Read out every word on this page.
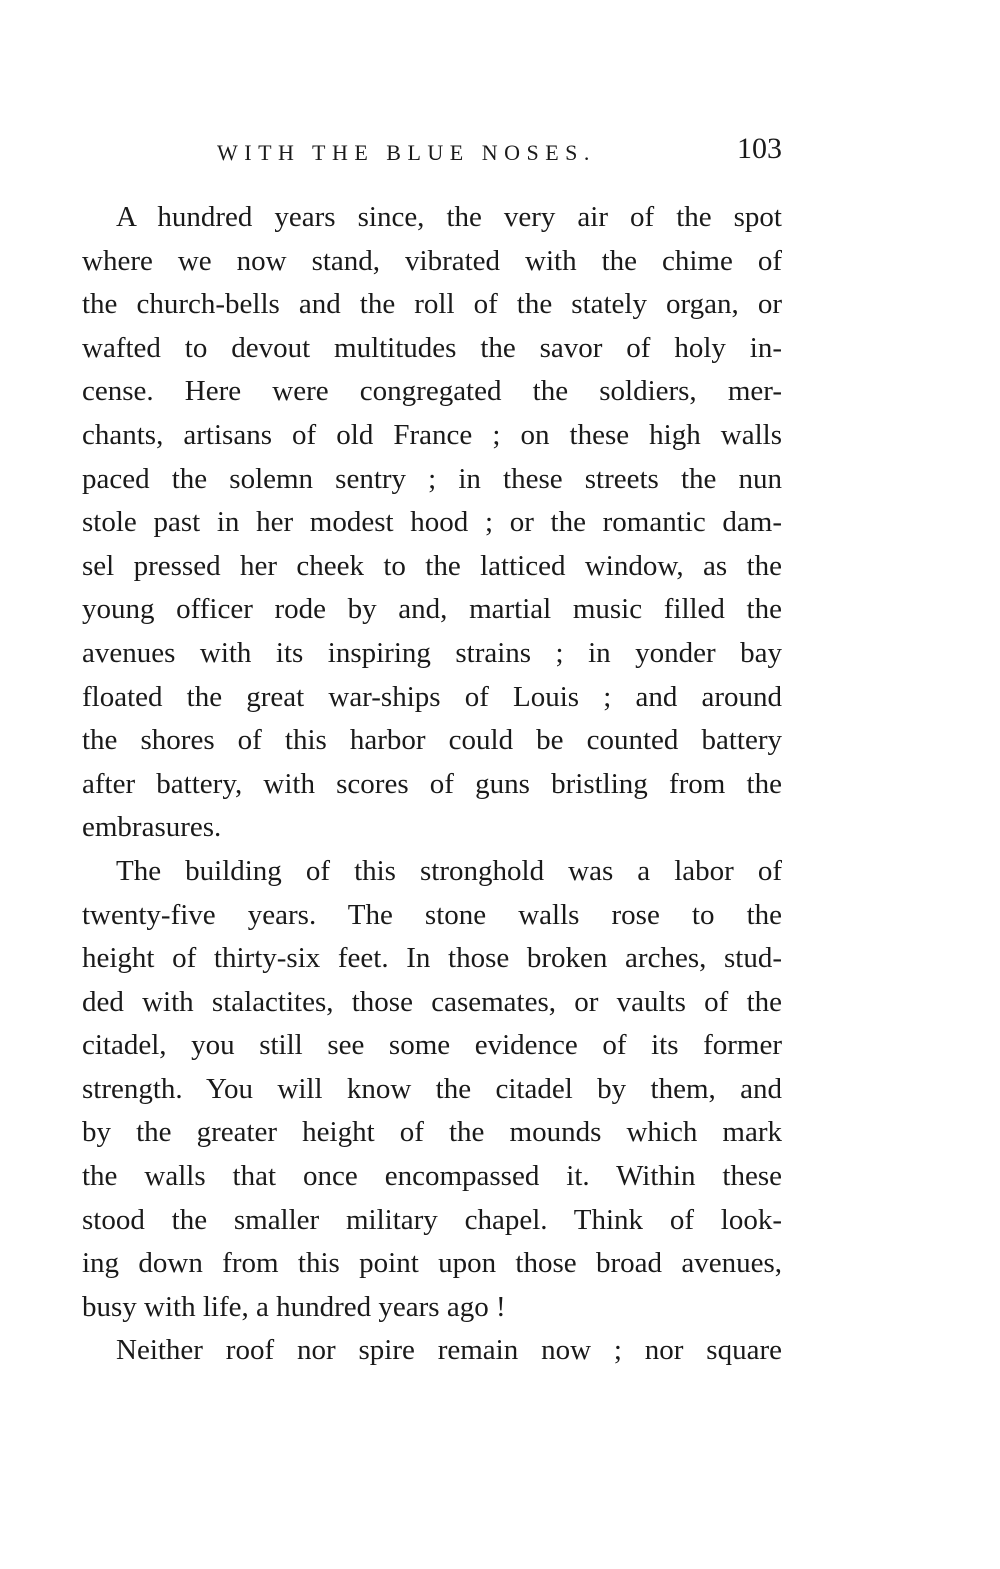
WITH THE BLUE NOSES.	103
A hundred years since, the very air of the spot
where we now stand, vibrated with the chime of
the church-bells and the roll of the stately organ, or
wafted to devout multitudes the savor of holy in-
cense. Here were congregated the soldiers, mer-
chants, artisans of old France ; on these high walls
paced the solemn sentry ; in these streets the nun
stole past in her modest hood ; or the romantic dam-
sel pressed her cheek to the latticed window, as the
young officer rode by and, martial music filled the
avenues with its inspiring strains ; in yonder bay
floated the great war-ships of Louis ; and around
the shores of this harbor could be counted battery
after battery, with scores of guns bristling from the
embrasures.
The building of this stronghold was a labor of
twenty-five years. The stone walls rose to the
height of thirty-six feet. In those broken arches, stud-
ded with stalactites, those casemates, or vaults of the
citadel, you still see some evidence of its former
strength. You will know the citadel by them, and
by the greater height of the mounds which mark
the walls that once encompassed it. Within these
stood the smaller military chapel. Think of look-
ing down from this point upon those broad avenues,
busy with life, a hundred years ago !
Neither roof nor spire remain now ; nor square
